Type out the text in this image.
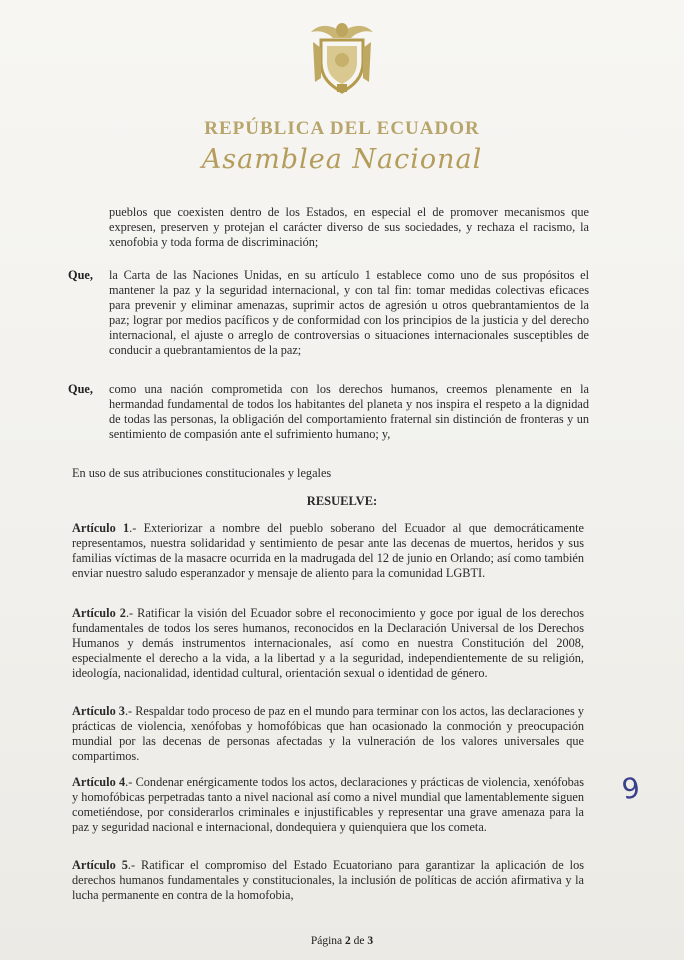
REPÚBLICA DEL ECUADOR
Asamblea Nacional
pueblos que coexisten dentro de los Estados, en especial el de promover mecanismos que expresen, preserven y protejan el carácter diverso de sus sociedades, y rechaza el racismo, la xenofobia y toda forma de discriminación;
Que, la Carta de las Naciones Unidas, en su artículo 1 establece como uno de sus propósitos el mantener la paz y la seguridad internacional, y con tal fin: tomar medidas colectivas eficaces para prevenir y eliminar amenazas, suprimir actos de agresión u otros quebrantamientos de la paz; lograr por medios pacíficos y de conformidad con los principios de la justicia y del derecho internacional, el ajuste o arreglo de controversias o situaciones internacionales susceptibles de conducir a quebrantamientos de la paz;
Que, como una nación comprometida con los derechos humanos, creemos plenamente en la hermandad fundamental de todos los habitantes del planeta y nos inspira el respeto a la dignidad de todas las personas, la obligación del comportamiento fraternal sin distinción de fronteras y un sentimiento de compasión ante el sufrimiento humano; y,
En uso de sus atribuciones constitucionales y legales
RESUELVE:
Artículo 1.- Exteriorizar a nombre del pueblo soberano del Ecuador al que democráticamente representamos, nuestra solidaridad y sentimiento de pesar ante las decenas de muertos, heridos y sus familias víctimas de la masacre ocurrida en la madrugada del 12 de junio en Orlando; así como también enviar nuestro saludo esperanzador y mensaje de aliento para la comunidad LGBTI.
Artículo 2.- Ratificar la visión del Ecuador sobre el reconocimiento y goce por igual de los derechos fundamentales de todos los seres humanos, reconocidos en la Declaración Universal de los Derechos Humanos y demás instrumentos internacionales, así como en nuestra Constitución del 2008, especialmente el derecho a la vida, a la libertad y a la seguridad, independientemente de su religión, ideología, nacionalidad, identidad cultural, orientación sexual o identidad de género.
Artículo 3.- Respaldar todo proceso de paz en el mundo para terminar con los actos, las declaraciones y prácticas de violencia, xenófobas y homofóbicas que han ocasionado la conmoción y preocupación mundial por las decenas de personas afectadas y la vulneración de los valores universales que compartimos.
Artículo 4.- Condenar enérgicamente todos los actos, declaraciones y prácticas de violencia, xenófobas y homofóbicas perpetradas tanto a nivel nacional así como a nivel mundial que lamentablemente siguen cometiéndose, por considerarlos criminales e injustificables y representar una grave amenaza para la paz y seguridad nacional e internacional, dondequiera y quienquiera que los cometa.
Artículo 5.- Ratificar el compromiso del Estado Ecuatoriano para garantizar la aplicación de los derechos humanos fundamentales y constitucionales, la inclusión de políticas de acción afirmativa y la lucha permanente en contra de la homofobia,
9
Página 2 de 3
